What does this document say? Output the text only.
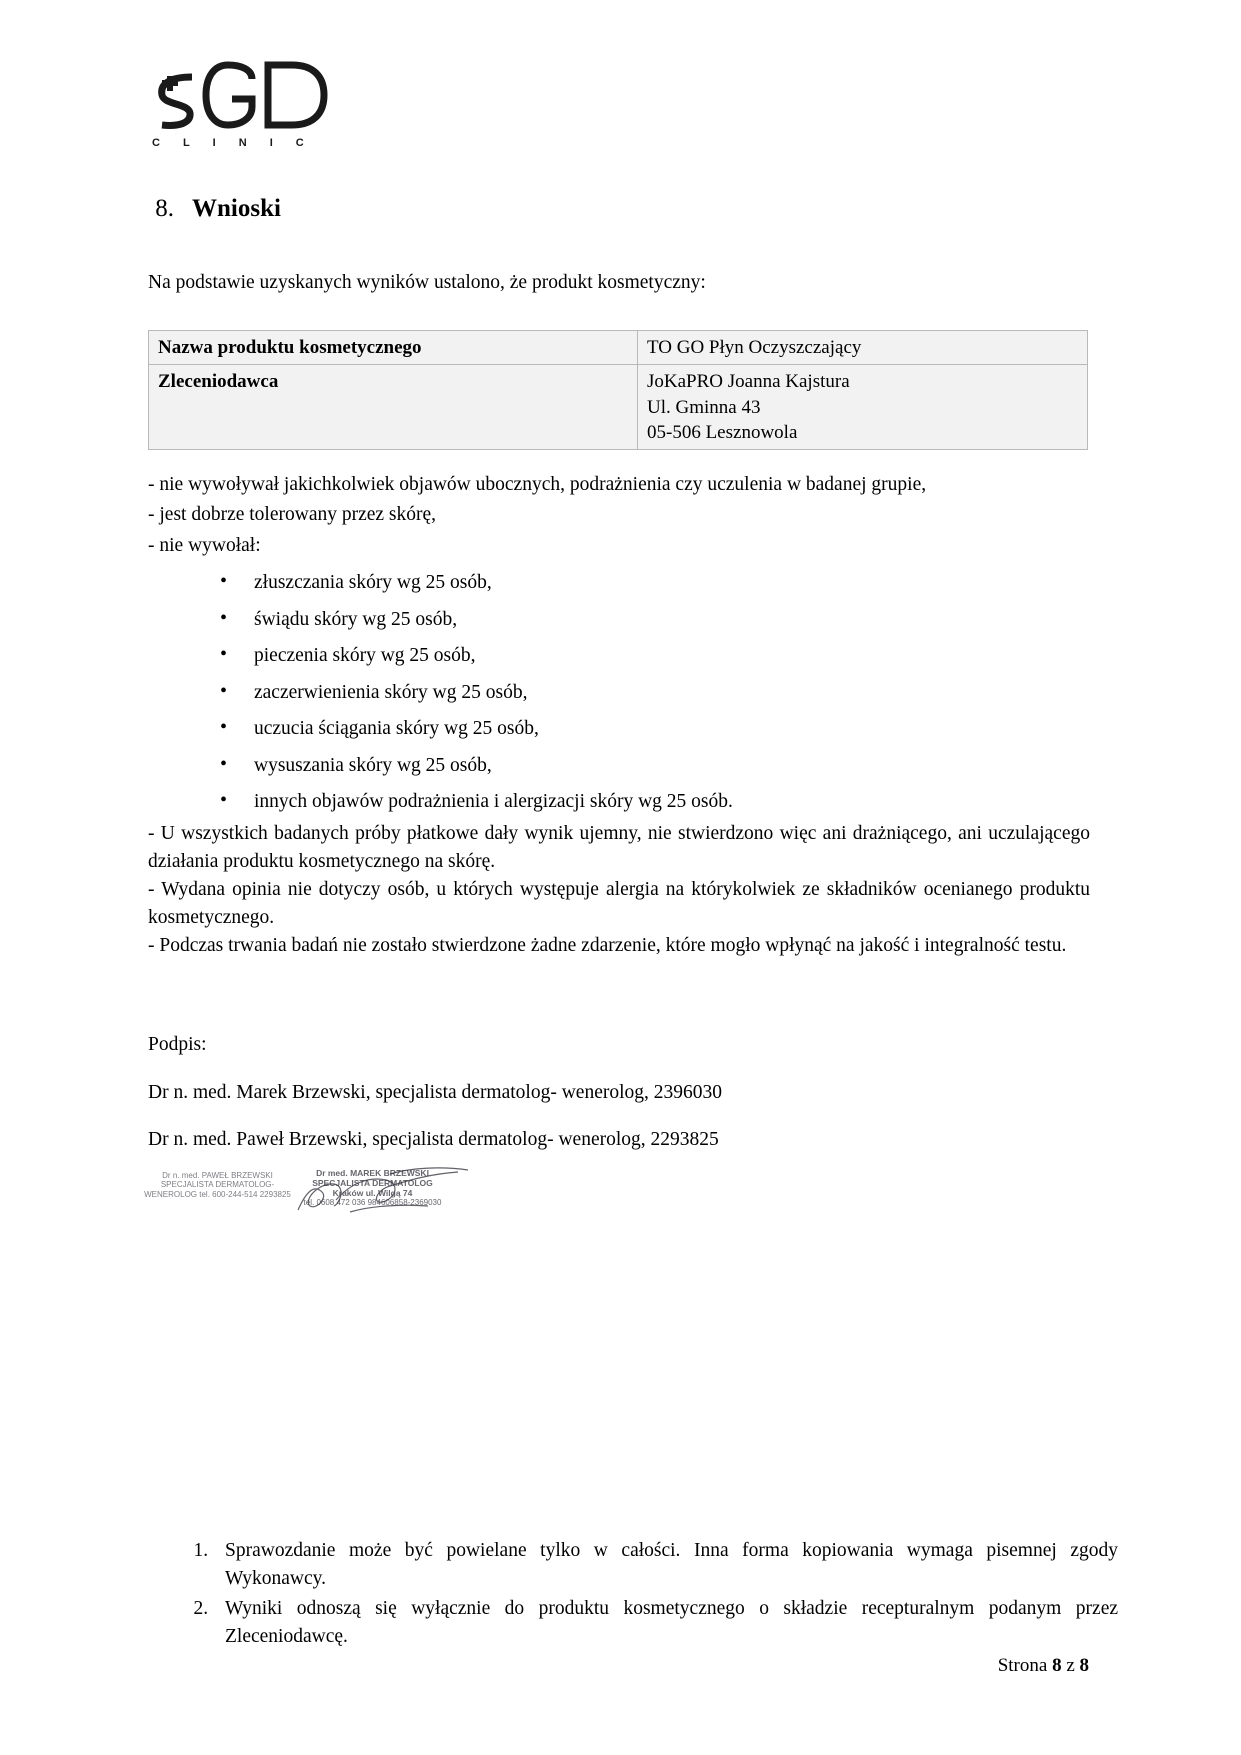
C L I N I C
8. Wnioski
Na podstawie uzyskanych wyników ustalono, że produkt kosmetyczny:
Nazwa produktu kosmetycznego	TO GO Płyn Oczyszczający

Zleceniodawca	JoKaPRO Joanna Kajstura
Ul. Gminna 43
05-506 Lesznowola
- nie wywoływał jakichkolwiek objawów ubocznych, podrażnienia czy uczulenia w badanej grupie,
- jest dobrze tolerowany przez skórę,
- nie wywołał:
• złuszczania skóry wg 25 osób,
• świądu skóry wg 25 osób,
• pieczenia skóry wg 25 osób,
• zaczerwienienia skóry wg 25 osób,
• uczucia ściągania skóry wg 25 osób,
• wysuszania skóry wg 25 osób,
• innych objawów podrażnienia i alergizacji skóry wg 25 osób.

- U wszystkich badanych próby płatkowe dały wynik ujemny, nie stwierdzono więc ani drażniącego, ani uczulającego działania produktu kosmetycznego na skórę.

- Wydana opinia nie dotyczy osób, u których występuje alergia na którykolwiek ze składników ocenianego produktu kosmetycznego.

- Podczas trwania badań nie zostało stwierdzone żadne zdarzenie, które mogło wpłynąć na jakość i integralność testu.

Podpis:
Dr n. med. Marek Brzewski, specjalista dermatolog- wenerolog, 2396030
Dr n. med. Paweł Brzewski, specjalista dermatolog- wenerolog, 2293825
Dr n. med. PAWEŁ BRZEWSKI SPECJALISTA DERMATOLOG-WENEROLOG tel. 600-244-514 2293825
Dr med. MAREK BRZEWSKI
SPECJALISTA DERMATOLOG
Kraków ul. Wilgą 74
tel. 0608 472 036 984606858-2369030
1. Sprawozdanie może być powielane tylko w całości. Inna forma kopiowania wymaga pisemnej zgody Wykonawcy.
2. Wyniki odnoszą się wyłącznie do produktu kosmetycznego o składzie recepturalnym podanym przez Zleceniodawcę.
Strona 8 z 8
